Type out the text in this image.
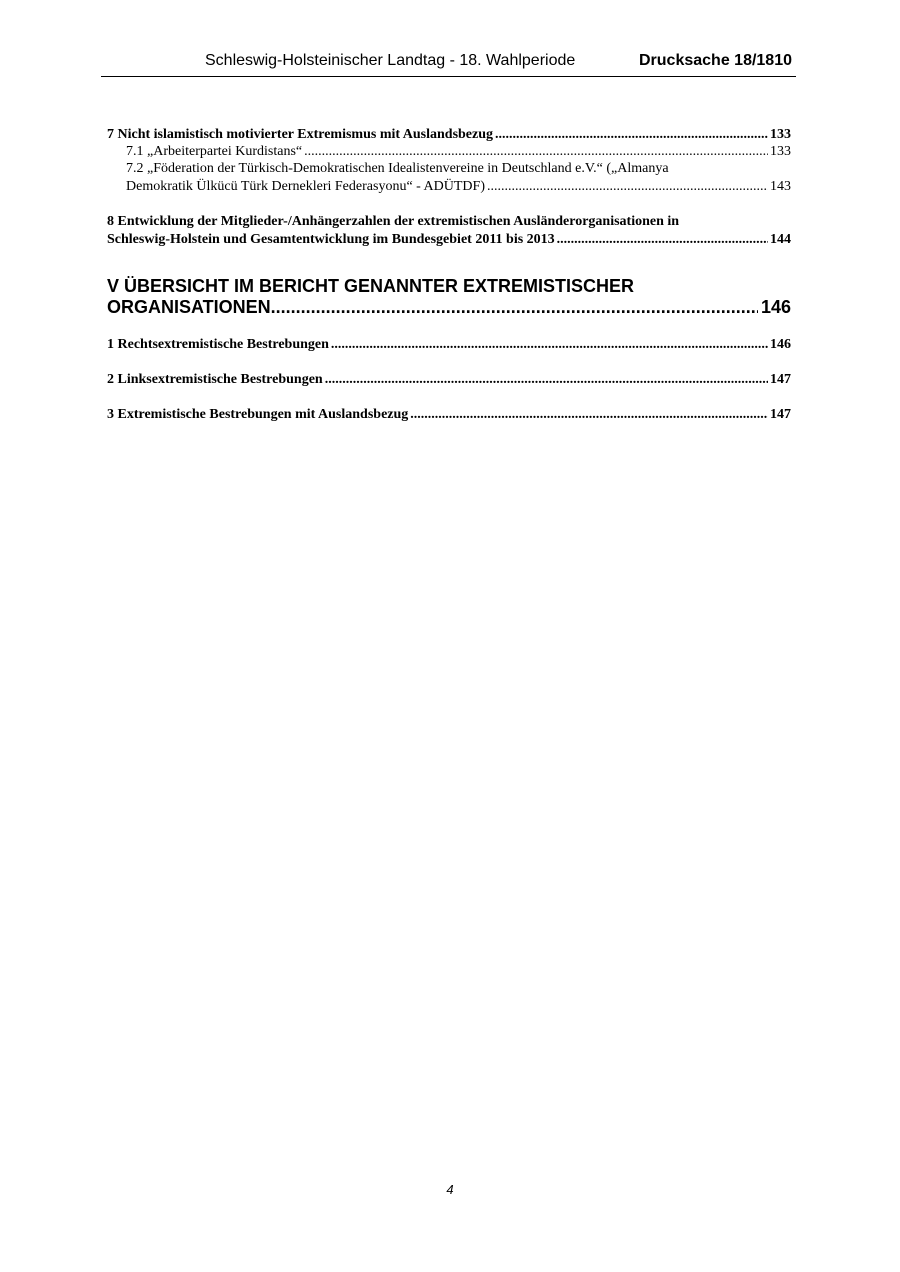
Schleswig-Holsteinischer Landtag - 18. Wahlperiode	Drucksache 18/1810
7 Nicht islamistisch motivierter Extremismus mit Auslandsbezug .....	133
7.1 „Arbeiterpartei Kurdistans“ .....	133
7.2 „Föderation der Türkisch-Demokratischen Idealistenvereine in Deutschland e.V.“ („Almanya
Demokratik Ülkücü Türk Dernekleri Federasyonu“ - ADÜTDF) .....	143
8 Entwicklung der Mitglieder-/Anhängerzahlen der extremistischen Ausländerorganisationen in
Schleswig-Holstein und Gesamtentwicklung im Bundesgebiet 2011 bis 2013 .....	144
V ÜBERSICHT IM BERICHT GENANNTER EXTREMISTISCHER
ORGANISATIONEN .....	146
1 Rechtsextremistische Bestrebungen .....	146
2 Linksextremistische Bestrebungen .....	147
3 Extremistische Bestrebungen mit Auslandsbezug .....	147
4
